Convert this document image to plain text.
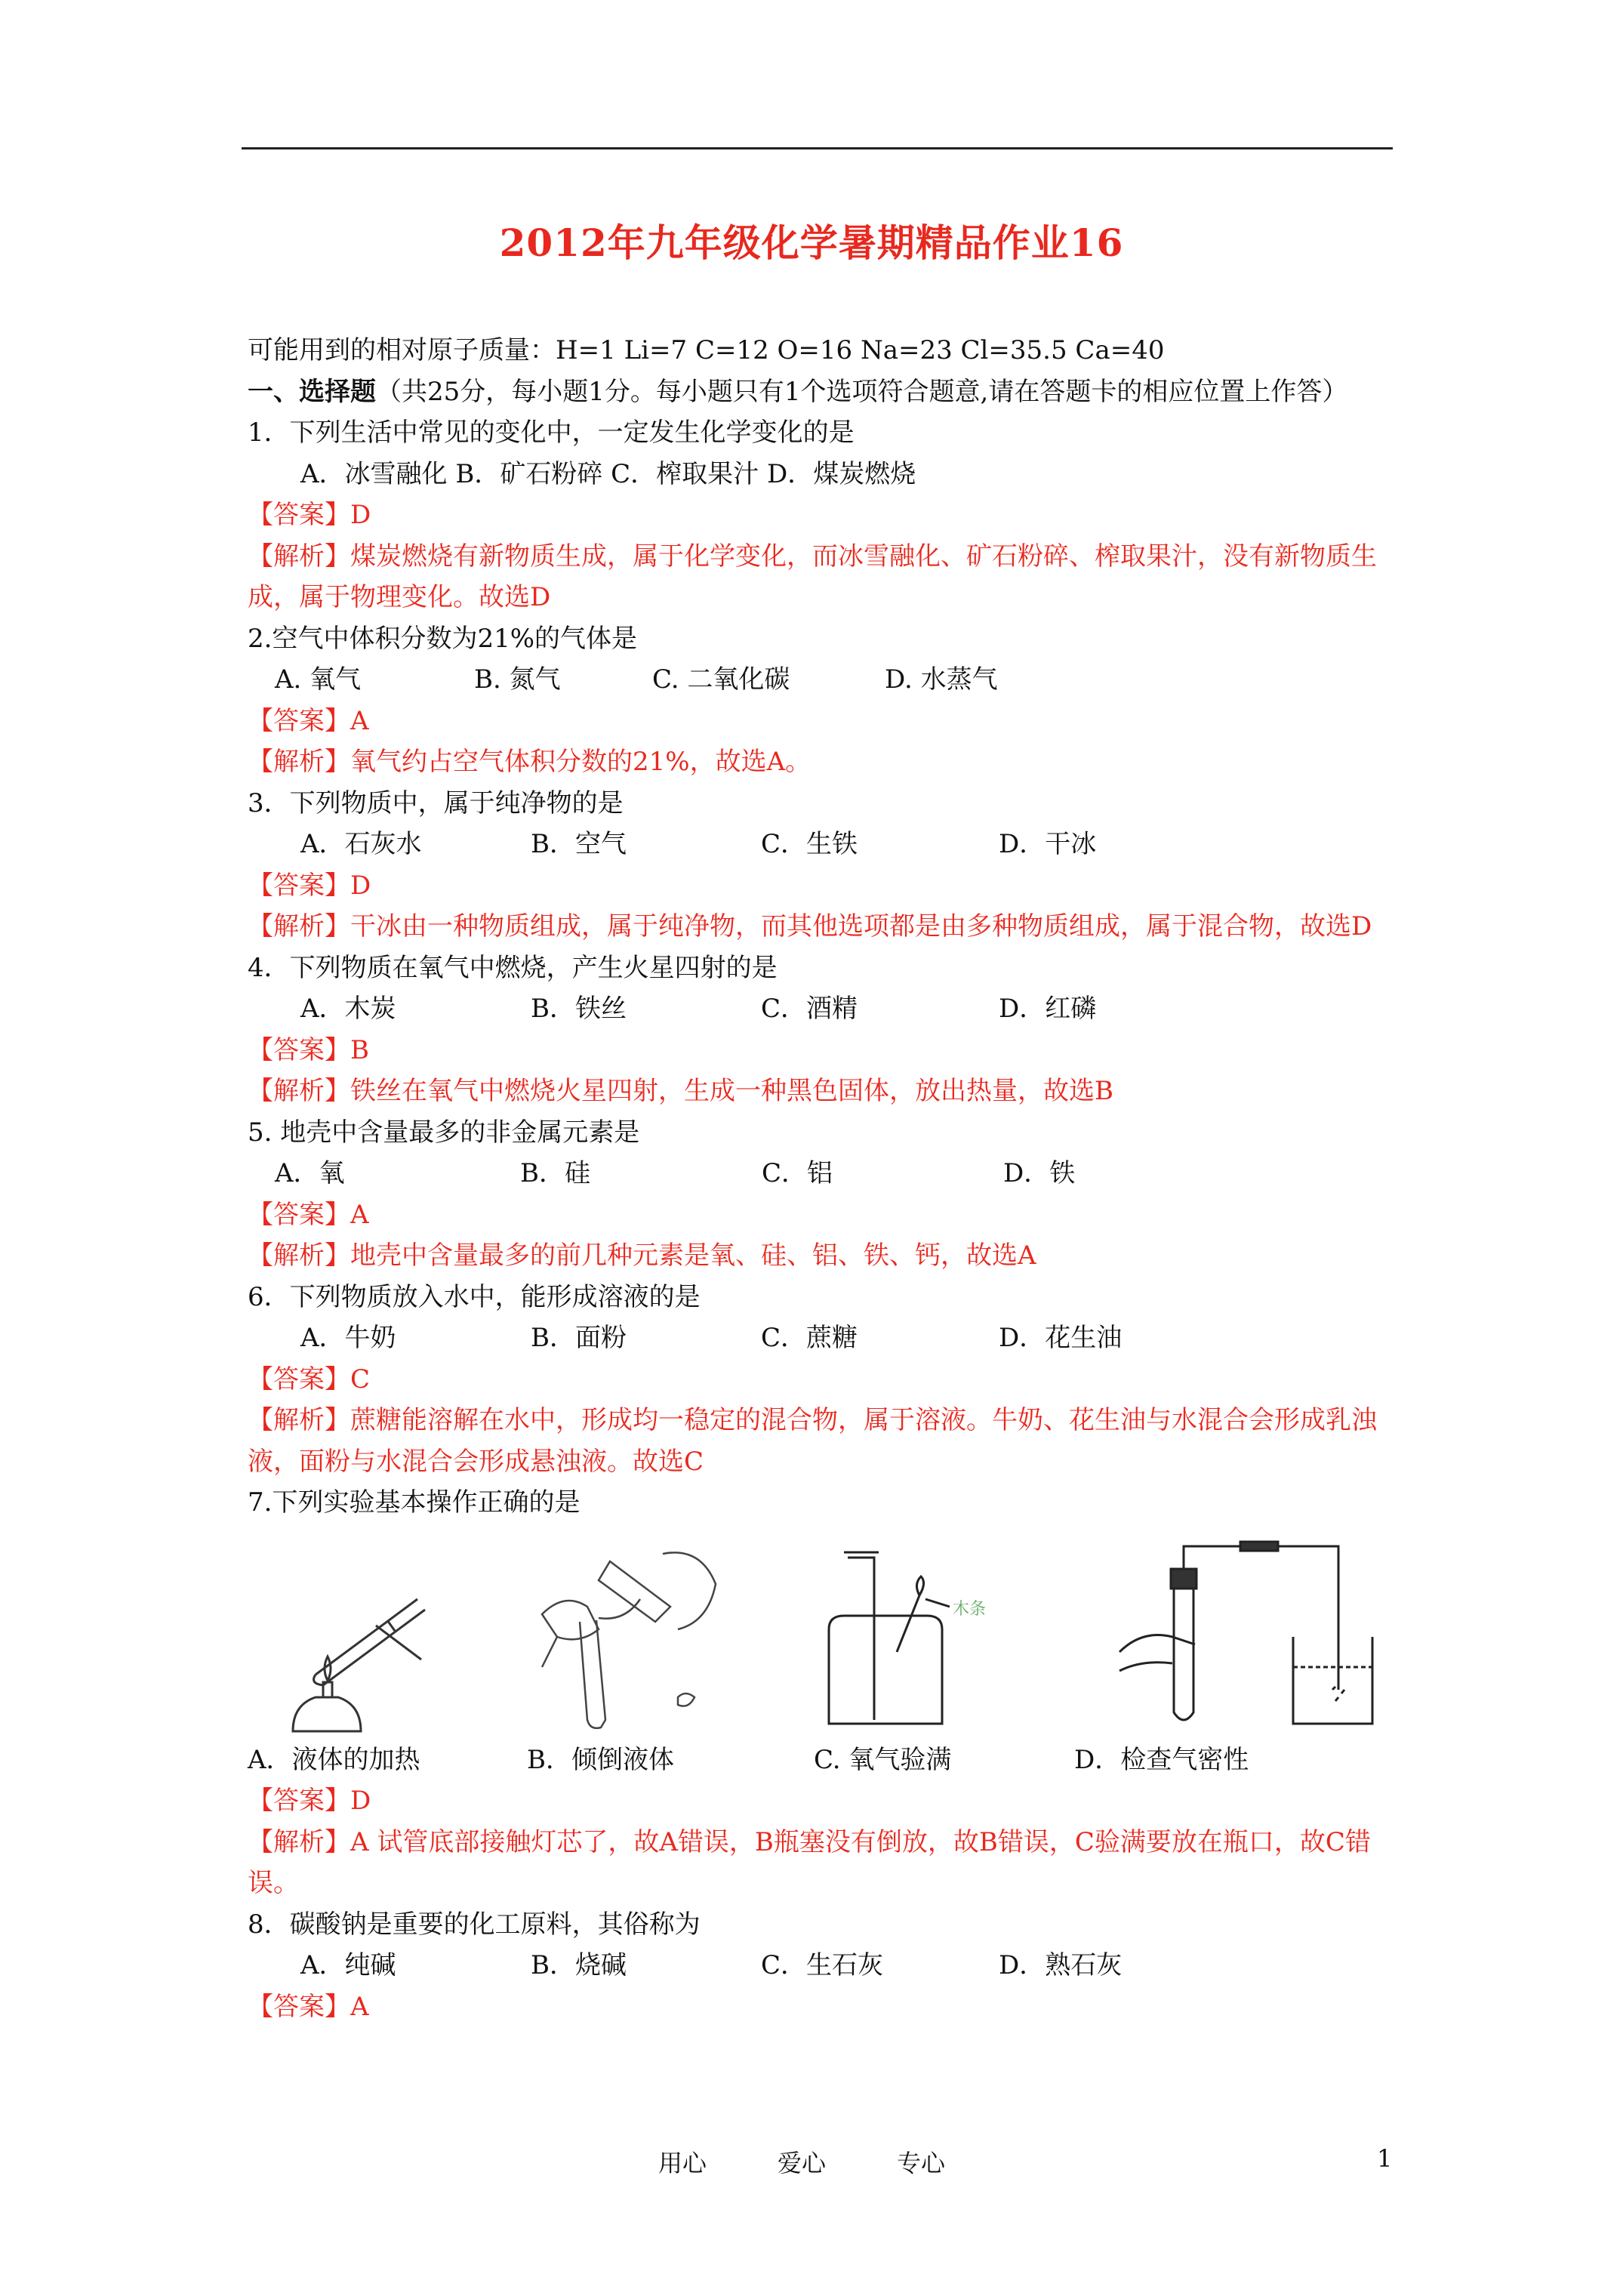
2012年九年级化学暑期精品作业16
可能用到的相对原子质量：H=1 Li=7 C=12 O=16 Na=23 Cl=35.5 Ca=40
一、选择题（共25分，每小题1分。每小题只有1个选项符合题意,请在答题卡的相应位置上作答）
1．下列生活中常见的变化中，一定发生化学变化的是
A．冰雪融化 B．矿石粉碎 C．榨取果汁 D．煤炭燃烧
【答案】D
【解析】煤炭燃烧有新物质生成，属于化学变化，而冰雪融化、矿石粉碎、榨取果汁，没有新物质生成，属于物理变化。故选D
2.空气中体积分数为21%的气体是
A. 氧气	B. 氮气	C. 二氧化碳	D. 水蒸气
【答案】A
【解析】氧气约占空气体积分数的21%，故选A。
3．下列物质中，属于纯净物的是
A．石灰水	B．空气	C．生铁	D．干冰
【答案】D
【解析】干冰由一种物质组成，属于纯净物，而其他选项都是由多种物质组成，属于混合物，故选D
4．下列物质在氧气中燃烧，产生火星四射的是
A．木炭	B．铁丝	C．酒精	D．红磷
【答案】B
【解析】铁丝在氧气中燃烧火星四射，生成一种黑色固体，放出热量，故选B
5. 地壳中含量最多的非金属元素是
A．氧	B．硅	C．铝	D．铁
【答案】A
【解析】地壳中含量最多的前几种元素是氧、硅、铝、铁、钙，故选A
6．下列物质放入水中，能形成溶液的是
A．牛奶	B．面粉	C．蔗糖	D．花生油
【答案】C
【解析】蔗糖能溶解在水中，形成均一稳定的混合物，属于溶液。牛奶、花生油与水混合会形成乳浊液，面粉与水混合会形成悬浊液。故选C
7.下列实验基本操作正确的是
木条
A．液体的加热	B．倾倒液体	C. 氧气验满	D．检查气密性
【答案】D
【解析】A 试管底部接触灯芯了，故A错误，B瓶塞没有倒放，故B错误，C验满要放在瓶口，故C错误。
8．碳酸钠是重要的化工原料，其俗称为
A．纯碱	B．烧碱	C．生石灰	D．熟石灰
【答案】A
用心	爱心	专心	1
